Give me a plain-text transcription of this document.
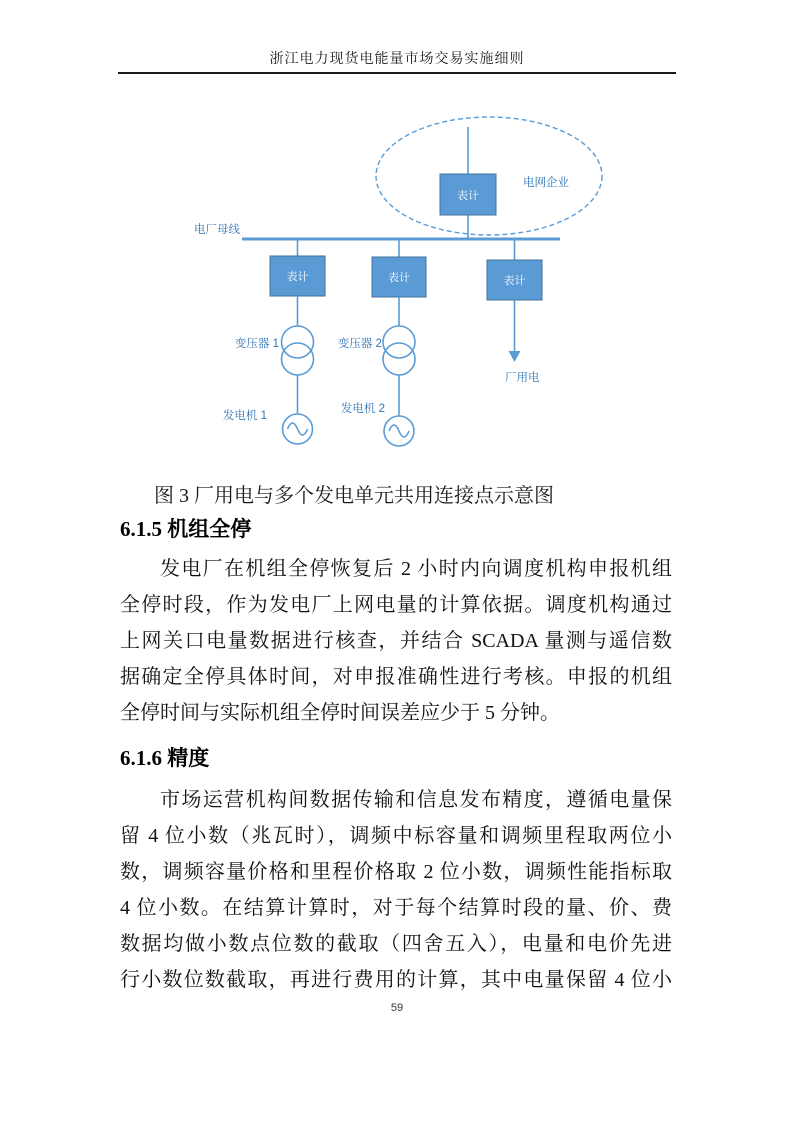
浙江电力现货电能量市场交易实施细则
表计
电网企业
电厂母线
表计	表计	表计
变压器 1
发电机 1
变压器 2
发电机 2
厂用电
图 3 厂用电与多个发电单元共用连接点示意图
6.1.5 机组全停
发电厂在机组全停恢复后 2 小时内向调度机构申报机组
全停时段，作为发电厂上网电量的计算依据。调度机构通过
上网关口电量数据进行核查，并结合 SCADA 量测与遥信数
据确定全停具体时间，对申报准确性进行考核。申报的机组
全停时间与实际机组全停时间误差应少于 5 分钟。
6.1.6 精度
市场运营机构间数据传输和信息发布精度，遵循电量保
留 4 位小数（兆瓦时），调频中标容量和调频里程取两位小
数，调频容量价格和里程价格取 2 位小数，调频性能指标取
4 位小数。在结算计算时，对于每个结算时段的量、价、费
数据均做小数点位数的截取（四舍五入），电量和电价先进
行小数位数截取，再进行费用的计算，其中电量保留 4 位小
59
